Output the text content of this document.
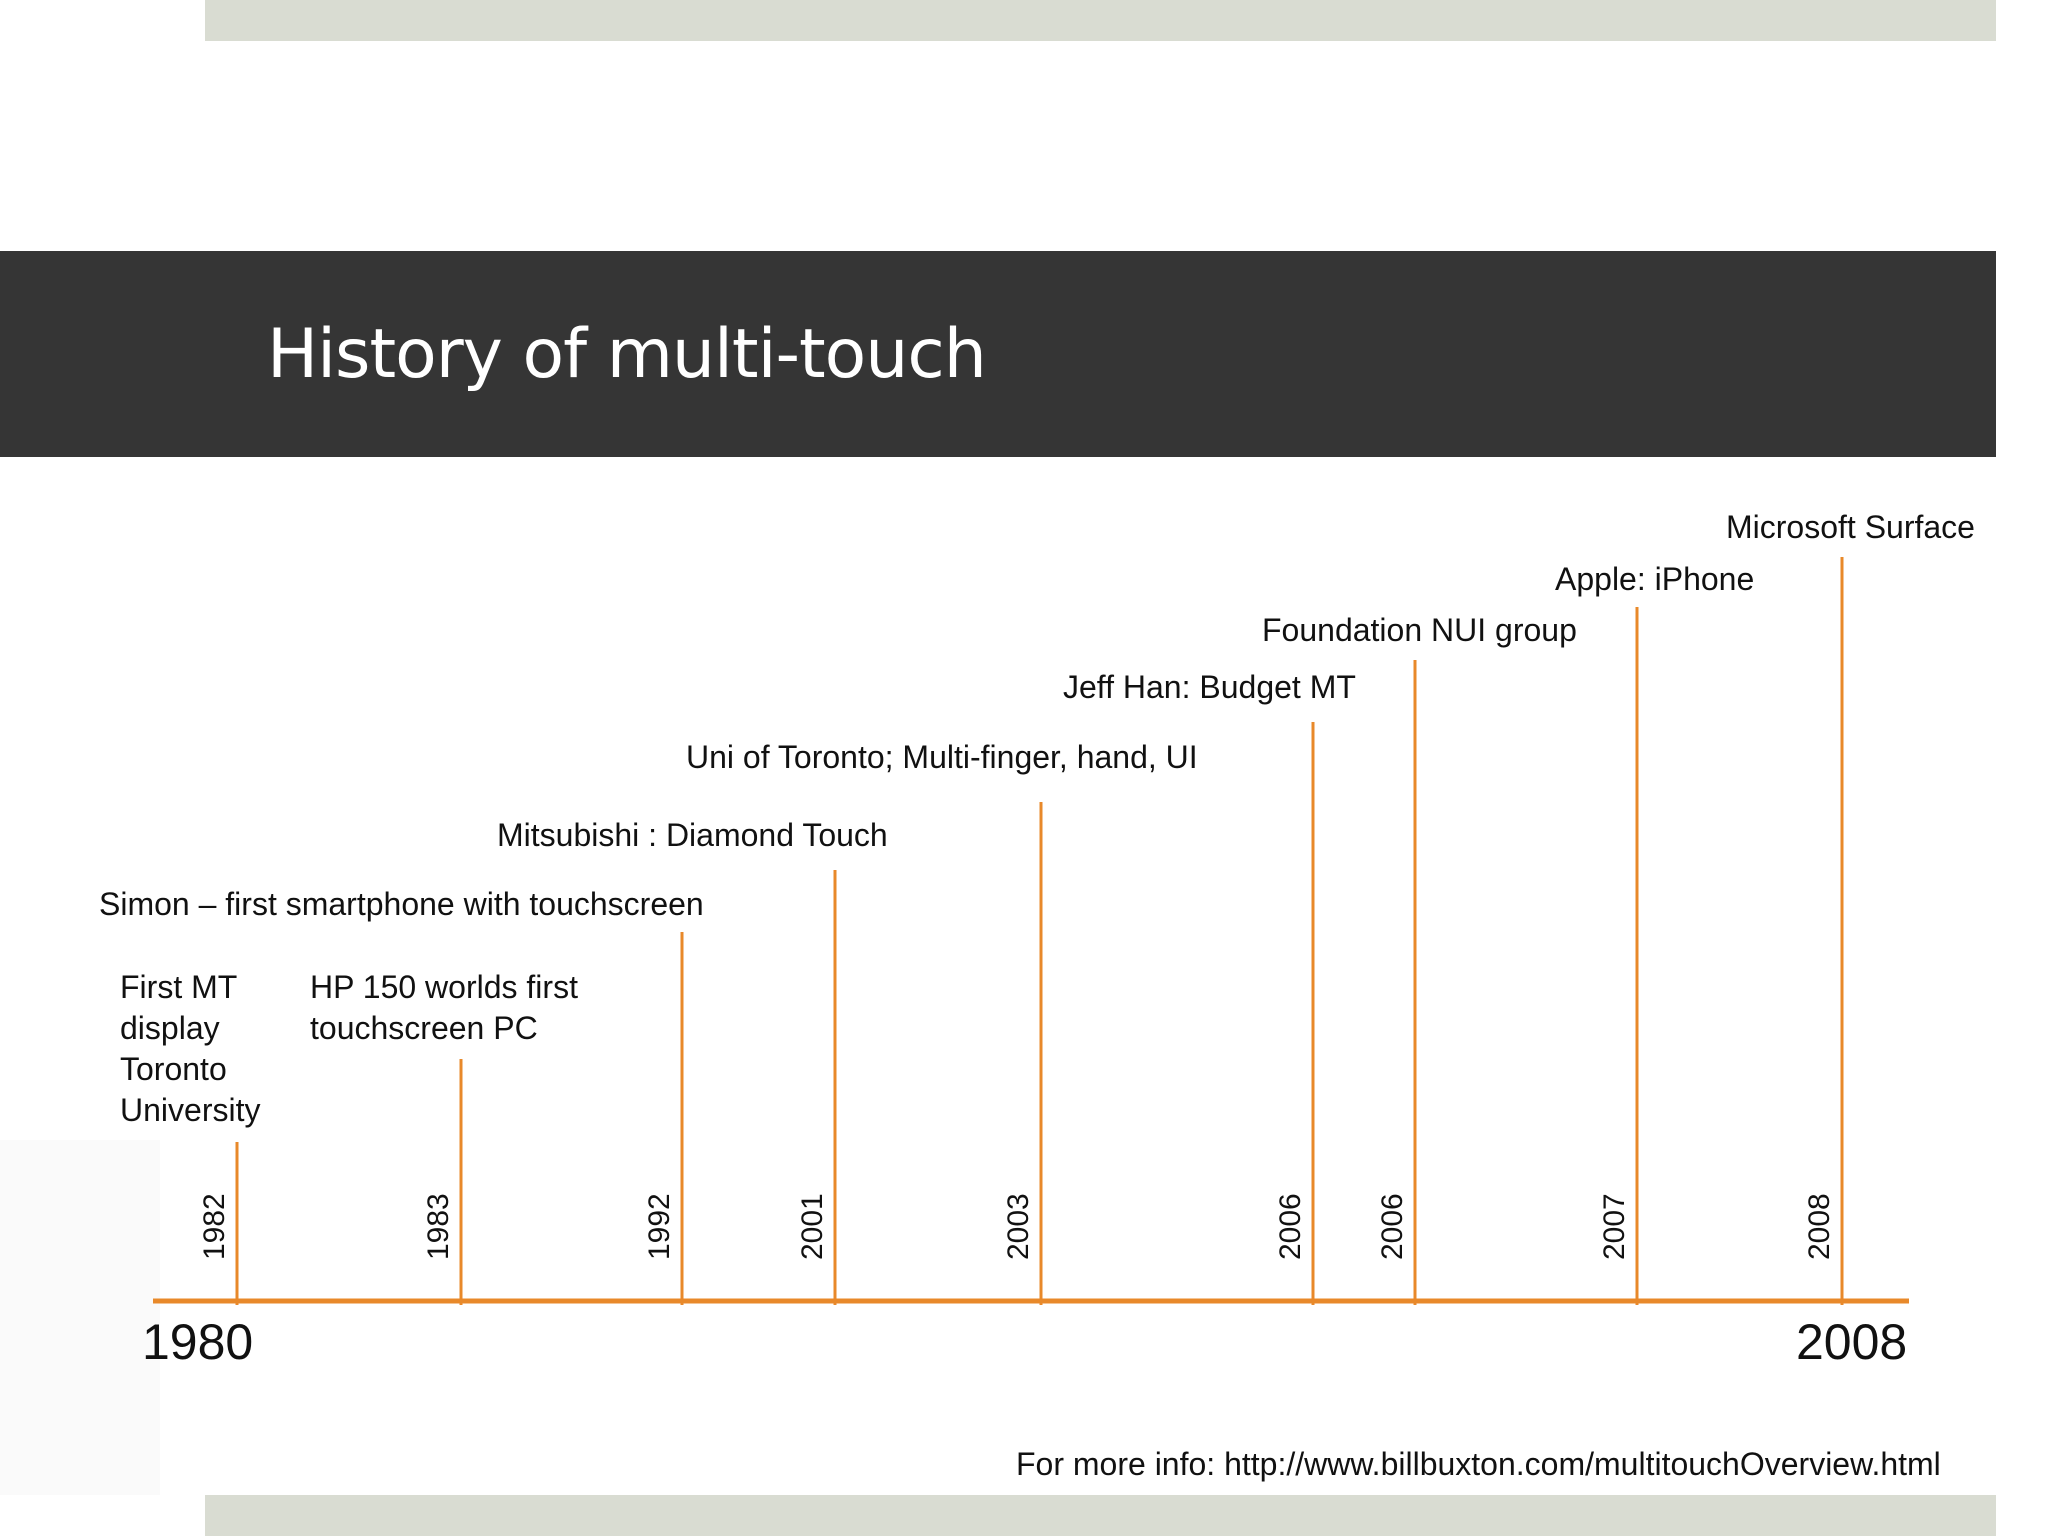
History of multi-touch
1982
First MT
display
Toronto
University
1983
HP 150 worlds first
touchscreen PC
1992
Simon – first smartphone with touchscreen
2001
Mitsubishi : Diamond Touch
2003
Uni of Toronto; Multi-finger, hand, UI
2006
Jeff Han: Budget MT
2006
Foundation NUI group
2007
Apple: iPhone
2008
Microsoft Surface
1980	2008
For more info: http://www.billbuxton.com/multitouchOverview.html
